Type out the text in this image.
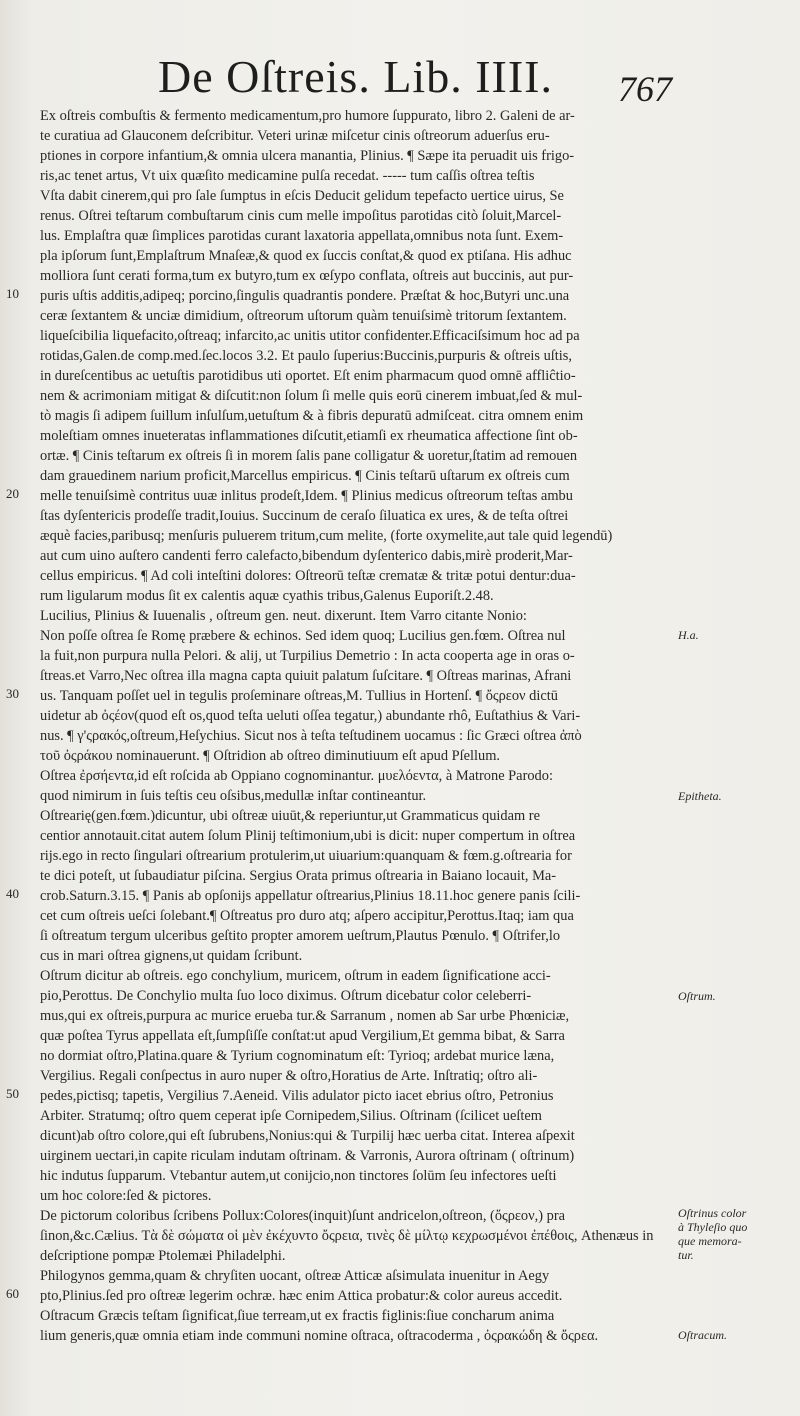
De Oſtreis. Lib. IIII. 767
Ex oſtreis combuſtis & fermento medicamentum,pro humore ſuppurato, libro 2. Galeni de ar-
te curatiua ad Glauconem deſcribitur. Veteri urinæ miſcetur cinis oſtreorum aduerſus eru-
ptiones in corpore infantium,& omnia ulcera manantia, Plinius. ¶ Sæpe ita peruadit uis frigo-
ris,ac tenet artus, Vt uix quæſito medicamine pulſa recedat. ----- tum caſſis oſtrea teſtis
Vſta dabit cinerem,qui pro ſale ſumptus in eſcis Deducit gelidum tepefacto uertice uirus, Se
renus. Oſtrei teſtarum combuſtarum cinis cum melle impoſitus parotidas citò ſoluit,Marcel-
lus. Emplaſtra quæ ſimplices parotidas curant laxatoria appellata,omnibus nota ſunt. Exem-
pla ipſorum ſunt,Emplaſtrum Mnaſeæ,& quod ex ſuccis conſtat,& quod ex ptiſana. His adhuc
molliora ſunt cerati forma,tum ex butyro,tum ex œſypo conflata, oſtreis aut buccinis, aut pur-
puris uſtis additis,adipeq; porcino,ſingulis quadrantis pondere. Præſtat & hoc,Butyri unc.una
ceræ ſextantem & unciæ dimidium, oſtreorum uſtorum quàm tenuiſsimè tritorum ſextantem.
liqueſcibilia liquefacito,oſtreaq; infarcito,ac unitis utitor confidenter.Efficaciſsimum hoc ad pa
rotidas,Galen.de comp.med.ſec.locos 3.2. Et paulo ſuperius:Buccinis,purpuris & oſtreis uſtis,
in dureſcentibus ac uetuſtis parotidibus uti oportet. Eſt enim pharmacum quod omnē affliĉtio-
nem & acrimoniam mitigat & diſcutit:non ſolum ſi melle quis eorū cinerem imbuat,ſed & mul-
tò magis ſi adipem ſuillum inſulſum,uetuſtum & à fibris depuratū admiſceat. citra omnem enim
moleſtiam omnes inueteratas inflammationes diſcutit,etiamſi ex rheumatica affectione ſint ob-
ortæ. ¶ Cinis teſtarum ex oſtreis ſi in morem ſalis pane colligatur & uoretur,ſtatim ad remouen
dam grauedinem narium proficit,Marcellus empiricus. ¶ Cinis teſtarū uſtarum ex oſtreis cum
melle tenuiſsimè contritus uuæ inlitus prodeſt,Idem. ¶ Plinius medicus oſtreorum teſtas ambu
ſtas dyſentericis prodeſſe tradit,Iouius. Succinum de ceraſo ſiluatica ex ures, & de teſta oſtrei
æquè facies,paribusq; menſuris puluerem tritum,cum melite, (forte oxymelite,aut tale quid legendū)
aut cum uino auſtero candenti ferro calefacto,bibendum dyſenterico dabis,mirè proderit,Mar-
cellus empiricus. ¶ Ad coli inteſtini dolores: Oſtreorū teſtæ crematæ & tritæ potui dentur:dua-
rum ligularum modus ſit ex calentis aquæ cyathis tribus,Galenus Euporiſt.2.48.
Lucilius, Plinius & Iuuenalis , oſtreum gen. neut. dixerunt. Item Varro citante Nonio:
Non poſſe oſtrea ſe Romę præbere & echinos. Sed idem quoq; Lucilius gen.fœm. Oſtrea nul
la fuit,non purpura nulla Pelori. & alij, ut Turpilius Demetrio : In acta cooperta age in oras o-
ſtreas.et Varro,Nec oſtrea illa magna capta quiuit palatum ſuſcitare. ¶ Oſtreas marinas, Afrani
us. Tanquam poſſet uel in tegulis proſeminare oſtreas,M. Tullius in Hortenſ. ¶ ὄςρεον dictū
uidetur ab ὀςέον(quod eſt os,quod teſta ueluti oſſea tegatur,) abundante rhô, Euſtathius & Vari-
nus. ¶ γ'ςρακός,oſtreum,Heſychius. Sicut nos à teſta teſtudinem uocamus : ſic Græci oſtrea ἀπὸ
τοῦ ὀςράκου nominauerunt. ¶ Oſtridion ab oſtreo diminutiuum eſt apud Pſellum.
Oſtrea ἐρσήεντα,id eſt roſcida ab Oppiano cognominantur. μυελόεντα, à Matrone Parodo:
quod nimirum in ſuis teſtis ceu oſsibus,medullæ inſtar contineantur.
Oſtrearię(gen.fœm.)dicuntur, ubi oſtreæ uiuūt,& reperiuntur,ut Grammaticus quidam re
centior annotauit.citat autem ſolum Plinij teſtimonium,ubi is dicit: nuper compertum in oſtrea
rijs.ego in recto ſingulari oſtrearium protulerim,ut uiuarium:quanquam & fœm.g.oſtrearia for
te dici poteſt, ut ſubaudiatur piſcina. Sergius Orata primus oſtrearia in Baiano locauit, Ma-
crob.Saturn.3.15. ¶ Panis ab opſonijs appellatur oſtrearius,Plinius 18.11.hoc genere panis ſcili-
cet cum oſtreis ueſci ſolebant.¶ Oſtreatus pro duro atq; aſpero accipitur,Perottus.Itaq; iam qua
ſi oſtreatum tergum ulceribus geſtito propter amorem ueſtrum,Plautus Pœnulo. ¶ Oſtrifer,lo
cus in mari oſtrea gignens,ut quidam ſcribunt.
Oſtrum dicitur ab oſtreis. ego conchylium, muricem, oſtrum in eadem ſignificatione acci-
pio,Perottus. De Conchylio multa ſuo loco diximus. Oſtrum dicebatur color celeberri-
mus,qui ex oſtreis,purpura ac murice erueba tur.& Sarranum , nomen ab Sar urbe Phœniciæ,
quæ poſtea Tyrus appellata eſt,ſumpſiſſe conſtat:ut apud Vergilium,Et gemma bibat, & Sarra
no dormiat oſtro,Platina.quare & Tyrium cognominatum eſt: Tyrioq; ardebat murice læna,
Vergilius. Regali conſpectus in auro nuper & oſtro,Horatius de Arte. Inſtratiq; oſtro ali-
pedes,pictisq; tapetis, Vergilius 7.Aeneid. Vilis adulator picto iacet ebrius oſtro, Petronius
Arbiter. Stratumq; oſtro quem ceperat ipſe Cornipedem,Silius. Oſtrinam (ſcilicet ueſtem
dicunt)ab oſtro colore,qui eſt ſubrubens,Nonius:qui & Turpilij hæc uerba citat. Interea aſpexit
uirginem uectari,in capite riculam indutam oſtrinam. & Varronis, Aurora oſtrinam ( oſtrinum)
hic indutus ſupparum. Vtebantur autem,ut conijcio,non tinctores ſolūm ſeu infectores ueſti
um hoc colore:ſed & pictores.
De pictorum coloribus ſcribens Pollux:Colores(inquit)ſunt andricelon,oſtreon, (ὄςρεον,) pra
ſinon,&c.Cælius. Τὰ δὲ σώματα οἱ μὲν ἐκέχυντο ὄςρεια, τινὲς δὲ μίλτῳ κεχρωσμένοι ἐπέθοις, Athenæus in
deſcriptione pompæ Ptolemæi Philadelphi.
Philogynos gemma,quam & chryſiten uocant, oſtreæ Atticæ aſsimulata inuenitur in Aegy
pto,Plinius.ſed pro oſtreæ legerim ochræ. hæc enim Attica probatur:& color aureus accedit.
Oſtracum Græcis teſtam ſignificat,ſiue terream,ut ex fractis figlinis:ſiue concharum anima
lium generis,quæ omnia etiam inde communi nomine oſtraca, oſtracoderma , ὀςρακώδη & ὄςρεα.
10
20
30
40
50
60
H.a.
Epitheta.
Oſtrum.
Oſtrinus color
à Thyleſio quo
que memora-
tur.
Oſtracum.
